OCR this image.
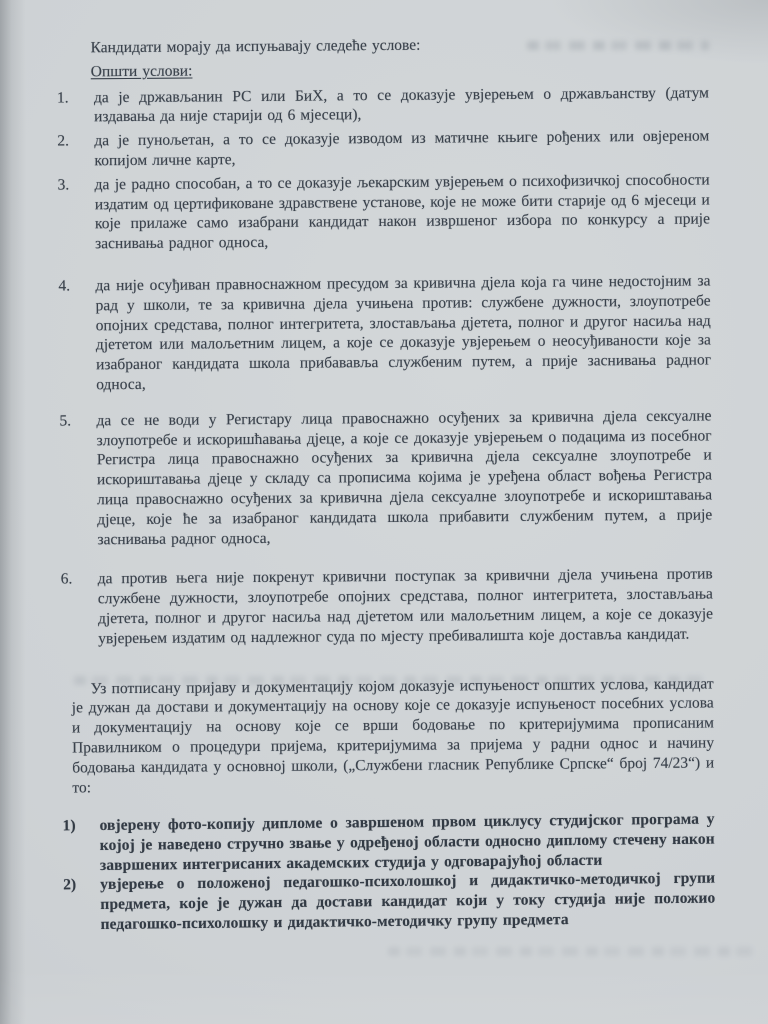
Кандидати морају да испуњавају следеће услове:
Општи услови:
1.	да је држављанин РС или БиХ, а то се доказује увјерењем о држављанству (датум издавања да није старији од 6 мјесеци),
2.	да је пунољетан, а то се доказује изводом из матичне књиге рођених или овјереном копијом личне карте,
3.	да је радно способан, а то се доказује љекарским увјерењем о психофизичкој способности издатим од цертификоване здравствене установе, које не може бити старије од 6 мјесеци и које прилаже само изабрани кандидат након извршеног избора по конкурсу а прије заснивања радног односа,
4.	да није осуђиван правноснажном пресудом за кривична дјела која га чине недостојним за рад у школи, те за кривична дјела учињена против: службене дужности, злоупотребе опојних средстава, полног интегритета, злостављања дјетета, полног и другог насиља над дјететом или малољетним лицем, а које се доказује увјерењем о неосуђиваности које за изабраног кандидата школа прибававља службеним путем, а прије заснивања радног односа,
5.	да се не води у Регистару лица правоснажно осуђених за кривична дјела сексуалне злоупотребе и искоришћавања дјеце, а које се доказује увјерењем о подацима из посебног Регистра лица правоснажно осуђених за кривична дјела сексуалне злоупотребе и искориштавања дјеце у складу са прописима којима је уређена област вођења Регистра лица правоснажно осуђених за кривична дјела сексуалне злоупотребе и искориштавања дјеце, које ће за изабраног кандидата школа прибавити службеним путем, а прије заснивања радног односа,
6.	да против њега није покренут кривични поступак за кривични дјела учињена против службене дужности, злоупотребе опојних средстава, полног интегритета, злостављања дјетета, полног и другог насиља над дјететом или малољетним лицем, а које се доказује увјерењем издатим од надлежног суда по мјесту пребивалишта које доставља кандидат.
Уз потписану пријаву и документацију којом доказује испуњеност општих услова, кандидат је дужан да достави и документацију на основу које се доказује испуњеност посебних услова и документацију на основу које се врши бодовање по критеријумима прописаним Правилником о процедури пријема, критеријумима за пријема у радни однос и начину бодовања кандидата у основној школи, („Службени гласник Републике Српске“ број 74/23“) и то:
1)	овјерену фото-копију дипломе о завршеном првом циклусу студијског програма у којој је наведено стручно звање у одређеној области односно диплому стечену након завршених интегрисаних академских студија у одговарајућој области
2)	увјерење о положеној педагошко-психолошкој и дидактичко-методичкој групи предмета, које је дужан да достави кандидат који у току студија није положио педагошко-психолошку и дидактичко-методичку групу предмета
